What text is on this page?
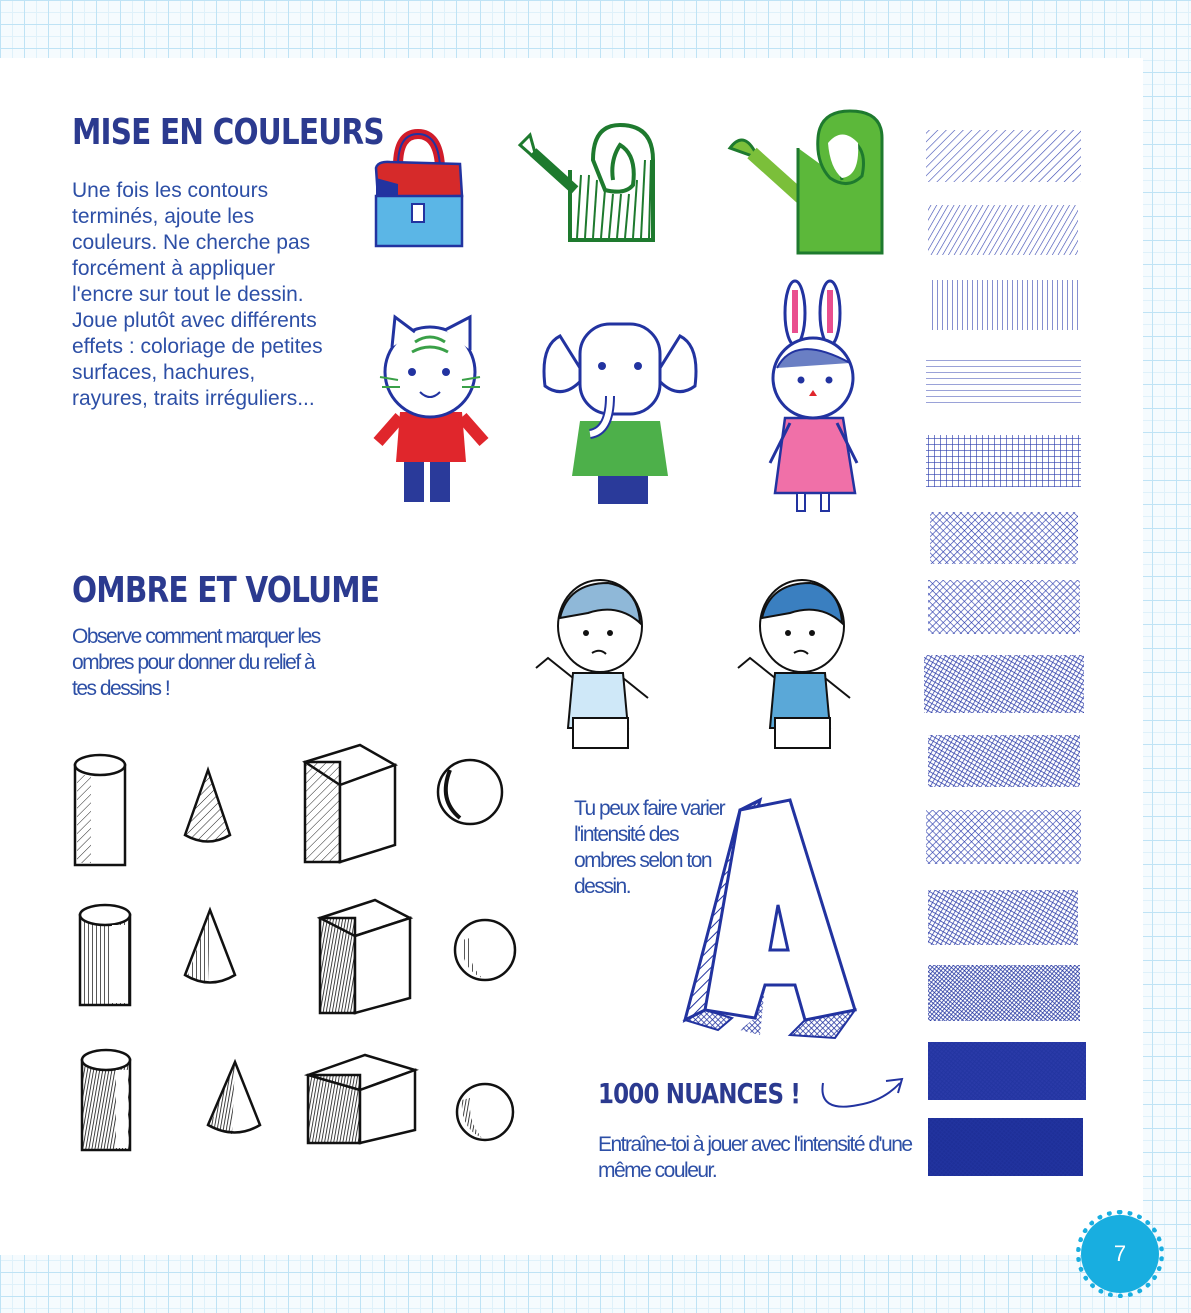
MISE EN COULEURS

Une fois les contours terminés, ajoute les couleurs. Ne cherche pas forcément à appliquer l'encre sur tout le dessin. Joue plutôt avec différents effets : coloriage de petites surfaces, hachures, rayures, traits irréguliers...

OMBRE ET VOLUME

Observe comment marquer les ombres pour donner du relief à tes dessins !

Tu peux faire varier l'intensité des ombres selon ton dessin.

1000 NUANCES !

Entraîne-toi à jouer avec l'intensité d'une même couleur.

7
